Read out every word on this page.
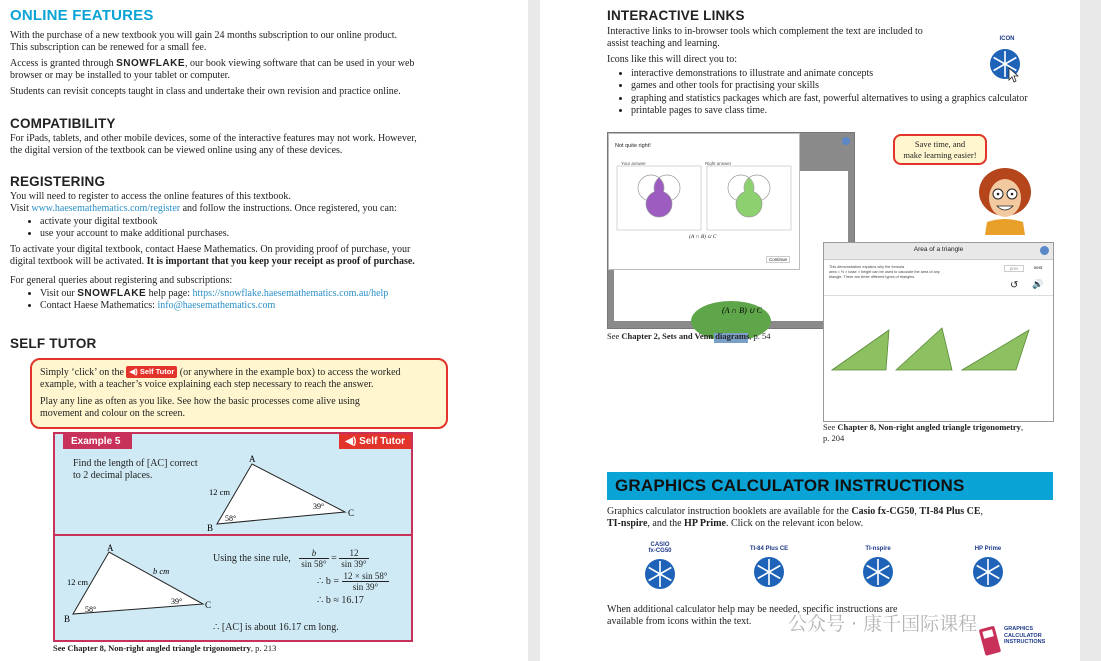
ONLINE FEATURES

With the purchase of a new textbook you will gain 24 months subscription to our online product.

This subscription can be renewed for a small fee.

Access is granted through SNOWFLAKE, our book viewing software that can be used in your web

browser or may be installed to your tablet or computer.

Students can revisit concepts taught in class and undertake their own revision and practice online.

COMPATIBILITY

For iPads, tablets, and other mobile devices, some of the interactive features may not work. However,

the digital version of the textbook can be viewed online using any of these devices.

REGISTERING

You will need to register to access the online features of this textbook.

Visit www.haesemathematics.com/register and follow the instructions. Once registered, you can:

• activate your digital textbook
• use your account to make additional purchases.

To activate your digital textbook, contact Haese Mathematics. On providing proof of purchase, your

digital textbook will be activated. It is important that you keep your receipt as proof of purchase.

For general queries about registering and subscriptions:

• Visit our SNOWFLAKE help page: https://snowflake.haesemathematics.com.au/help
• Contact Haese Mathematics: info@haesemathematics.com
SELF TUTOR
Simply ‘click’ on the ◀) Self Tutor (or anywhere in the example box) to access the worked
example, with a teacher’s voice explaining each step necessary to reach the answer.
Play any line as often as you like. See how the basic processes come alive using
movement and colour on the screen.
Example 5	◀) Self Tutor
Find the length of [AC] correct
to 2 decimal places.
A
B
C
12 cm
58°
39°
A
B
C
12 cm
b cm
58°
39°
Using the sine rule, $\frac{b}{\sin 58^\circ} = \frac{12}{\sin 39^\circ}$
∴ $b = \frac{12 \times \sin 58^\circ}{\sin 39^\circ}$
∴ b ≈ 16.17
∴ [AC] is about 16.17 cm long.
See Chapter 8, Non-right angled triangle trigonometry, p. 213
INTERACTIVE LINKS

Interactive links to in-browser tools which complement the text are included to

assist teaching and learning.

Icons like this will direct you to:

ICON
• interactive demonstrations to illustrate and animate concepts
• games and other tools for practising your skills
• graphing and statistics packages which are fast, powerful alternatives to using a graphics calculator
• printable pages to save class time.
(A ∩ B) ∪ C
Not quite right!
Your answer	Right answer
(A ∩ B) ∪ C
Continue
See Chapter 2, Sets and Venn diagrams, p. 54
Save time, and
make learning easier!
Area of a triangle
This demonstration explains why the formula
area = ½ × base × height can be used to calculate the area of any
triangle. There are three different types of triangles.
prev	next
↺ 🔊
See Chapter 8, Non-right angled triangle trigonometry,
p. 204
GRAPHICS CALCULATOR INSTRUCTIONS

Graphics calculator instruction booklets are available for the Casio fx-CG50, TI-84 Plus CE,

TI-nspire, and the HP Prime. Click on the relevant icon below.

CASIO
fx-CG50	TI-84 Plus CE	TI-nspire	HP Prime

When additional calculator help may be needed, specific instructions are

available from icons within the text.	公众号 · 康千国际课程	GRAPHICS
CALCULATOR
INSTRUCTIONS
